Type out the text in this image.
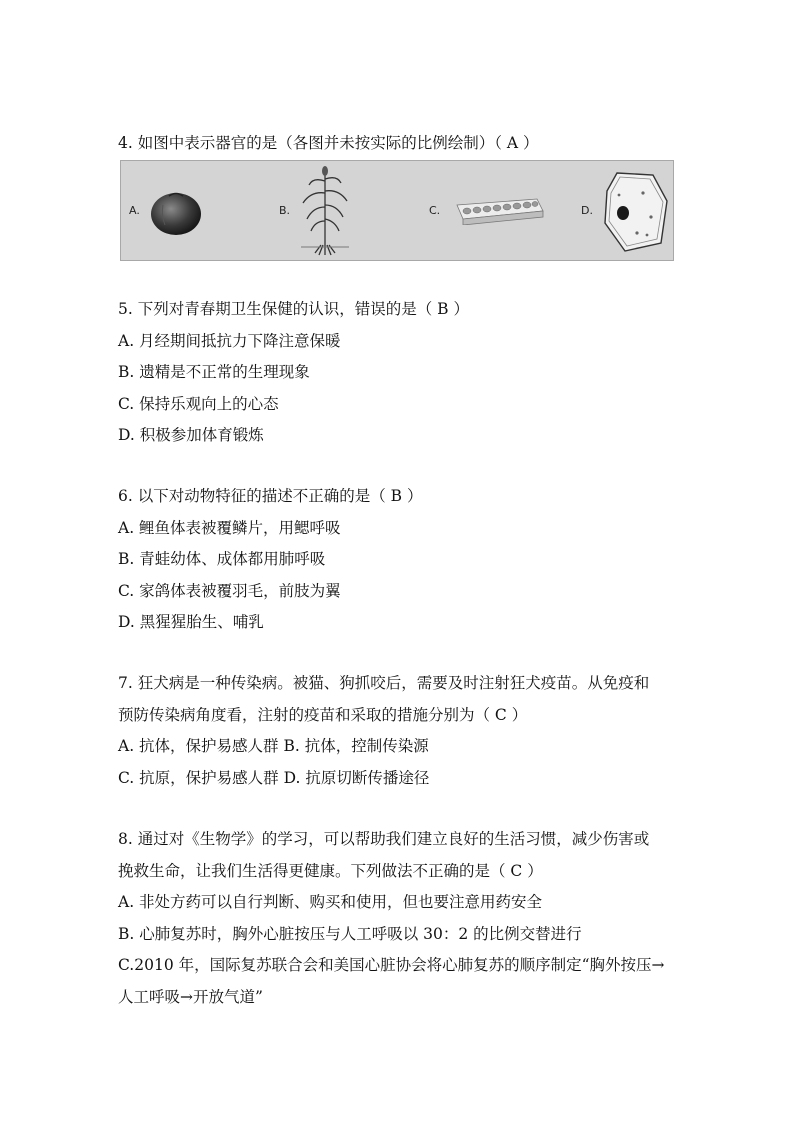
4. 如图中表示器官的是（各图并未按实际的比例绘制）（ A ）
A.	B.	C.	D.
5. 下列对青春期卫生保健的认识，错误的是（ B ）
A. 月经期间抵抗力下降注意保暖
B. 遗精是不正常的生理现象
C. 保持乐观向上的心态
D. 积极参加体育锻炼
6. 以下对动物特征的描述不正确的是（ B ）
A. 鲤鱼体表被覆鳞片，用鳃呼吸
B. 青蛙幼体、成体都用肺呼吸
C. 家鸽体表被覆羽毛，前肢为翼
D. 黑猩猩胎生、哺乳
7. 狂犬病是一种传染病。被猫、狗抓咬后，需要及时注射狂犬疫苗。从免疫和
预防传染病角度看，注射的疫苗和采取的措施分别为（ C ）
A. 抗体，保护易感人群 B. 抗体，控制传染源
C. 抗原，保护易感人群 D. 抗原切断传播途径
8. 通过对《生物学》的学习，可以帮助我们建立良好的生活习惯，减少伤害或
挽救生命，让我们生活得更健康。下列做法不正确的是（ C ）
A. 非处方药可以自行判断、购买和使用，但也要注意用药安全
B. 心肺复苏时，胸外心脏按压与人工呼吸以 30：2 的比例交替进行
C.2010 年，国际复苏联合会和美国心脏协会将心肺复苏的顺序制定“胸外按压→
人工呼吸→开放气道”
